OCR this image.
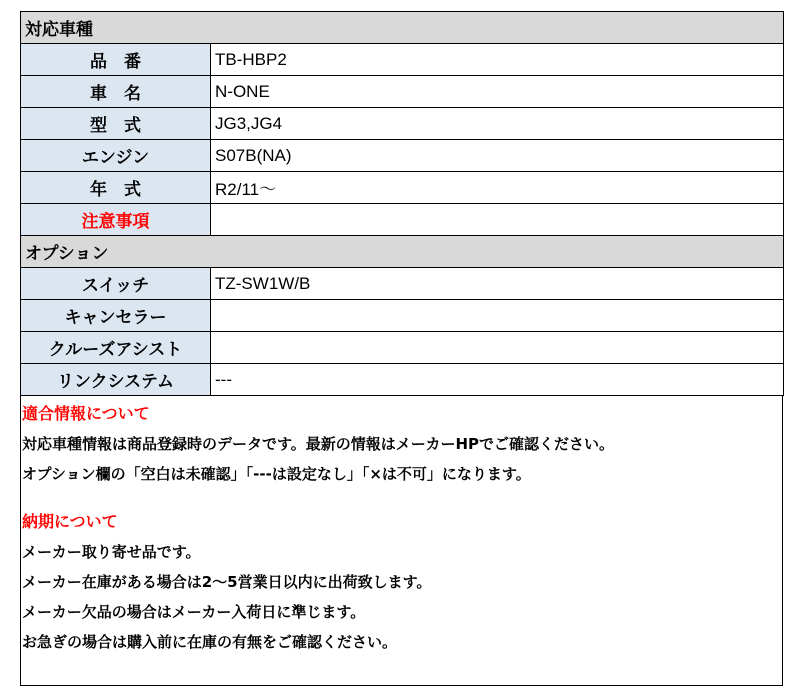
対応車種	
品　番	TB-HBP2
車　名	N-ONE
型　式	JG3,JG4
エンジン	S07B(NA)
年　式	R2/11～
注意事項	
オプション	
スイッチ	TZ-SW1W/B
キャンセラー	
クルーズアシスト	
リンクシステム	---
適合情報について
対応車種情報は商品登録時のデータです。最新の情報はメーカーHPでご確認ください。
オプション欄の「空白は未確認」「---は設定なし」「×は不可」になります。
納期について
メーカー取り寄せ品です。
メーカー在庫がある場合は2～5営業日以内に出荷致します。
メーカー欠品の場合はメーカー入荷日に準じます。
お急ぎの場合は購入前に在庫の有無をご確認ください。
